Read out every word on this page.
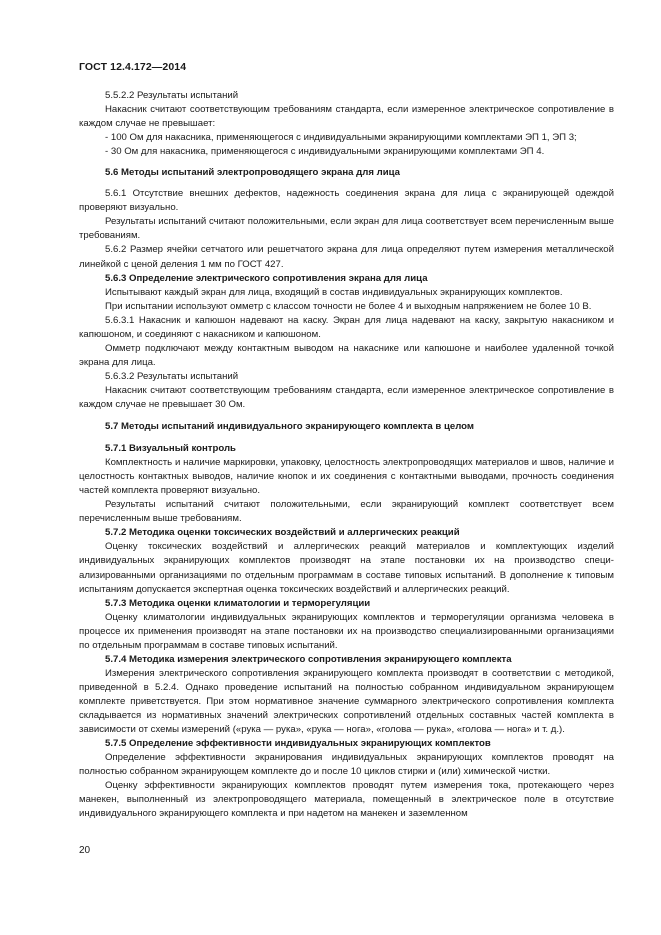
ГОСТ 12.4.172—2014

5.5.2.2 Результаты испытаний

Накасник считают соответствующим требованиям стандарта, если измеренное электрическое сопротивление в каждом случае не превышает:

- 100 Ом для накасника, применяющегося с индивидуальными экранирующими комплектами ЭП 1, ЭП 3;

- 30 Ом для накасника, применяющегося с индивидуальными экранирующими комплектами ЭП 4.

5.6 Методы испытаний электропроводящего экрана для лица

5.6.1 Отсутствие внешних дефектов, надежность соединения экрана для лица с экранирующей одеждой проверяют визуально.

Результаты испытаний считают положительными, если экран для лица соответствует всем перечисленным выше требованиям.

5.6.2 Размер ячейки сетчатого или решетчатого экрана для лица определяют путем измерения металлической линейкой с ценой деления 1 мм по ГОСТ 427.

5.6.3 Определение электрического сопротивления экрана для лица

Испытывают каждый экран для лица, входящий в состав индивидуальных экранирующих комплектов.

При испытании используют омметр с классом точности не более 4 и выходным напряжением не более 10 В.

5.6.3.1 Накасник и капюшон надевают на каску. Экран для лица надевают на каску, закрытую накасником и капюшоном, и соединяют с накасником и капюшоном.

Омметр подключают между контактным выводом на накаснике или капюшоне и наиболее удаленной точкой экрана для лица.

5.6.3.2 Результаты испытаний

Накасник считают соответствующим требованиям стандарта, если измеренное электрическое сопротивление в каждом случае не превышает 30 Ом.

5.7 Методы испытаний индивидуального экранирующего комплекта в целом

5.7.1 Визуальный контроль

Комплектность и наличие маркировки, упаковку, целостность электропроводящих материалов и швов, наличие и целостность контактных выводов, наличие кнопок и их соединения с контактными выводами, прочность соединения частей комплекта проверяют визуально.

Результаты испытаний считают положительными, если экранирующий комплект соответствует всем перечисленным выше требованиям.

5.7.2 Методика оценки токсических воздействий и аллергических реакций

Оценку токсических воздействий и аллергических реакций материалов и комплектующих изделий индивидуальных экранирующих комплектов производят на этапе постановки их на производство специализированными организациями по отдельным программам в составе типовых испытаний. В дополнение к типовым испытаниям допускается экспертная оценка токсических воздействий и аллергических реакций.

5.7.3 Методика оценки климатологии и терморегуляции

Оценку климатологии индивидуальных экранирующих комплектов и терморегуляции организма человека в процессе их применения производят на этапе постановки их на производство специализированными организациями по отдельным программам в составе типовых испытаний.

5.7.4 Методика измерения электрического сопротивления экранирующего комплекта

Измерения электрического сопротивления экранирующего комплекта производят в соответствии с методикой, приведенной в 5.2.4. Однако проведение испытаний на полностью собранном индивидуальном экранирующем комплекте приветствуется. При этом нормативное значение суммарного электрического сопротивления комплекта складывается из нормативных значений электрических сопротивлений отдельных составных частей комплекта в зависимости от схемы измерений («рука — рука», «рука — нога», «голова — рука», «голова — нога» и т. д.).

5.7.5 Определение эффективности индивидуальных экранирующих комплектов

Определение эффективности экранирования индивидуальных экранирующих комплектов проводят на полностью собранном экранирующем комплекте до и после 10 циклов стирки и (или) химической чистки.

Оценку эффективности экранирующих комплектов проводят путем измерения тока, протекающего через манекен, выполненный из электропроводящего материала, помещенный в электрическое поле в отсутствие индивидуального экранирующего комплекта и при надетом на манекен и заземленном

20
